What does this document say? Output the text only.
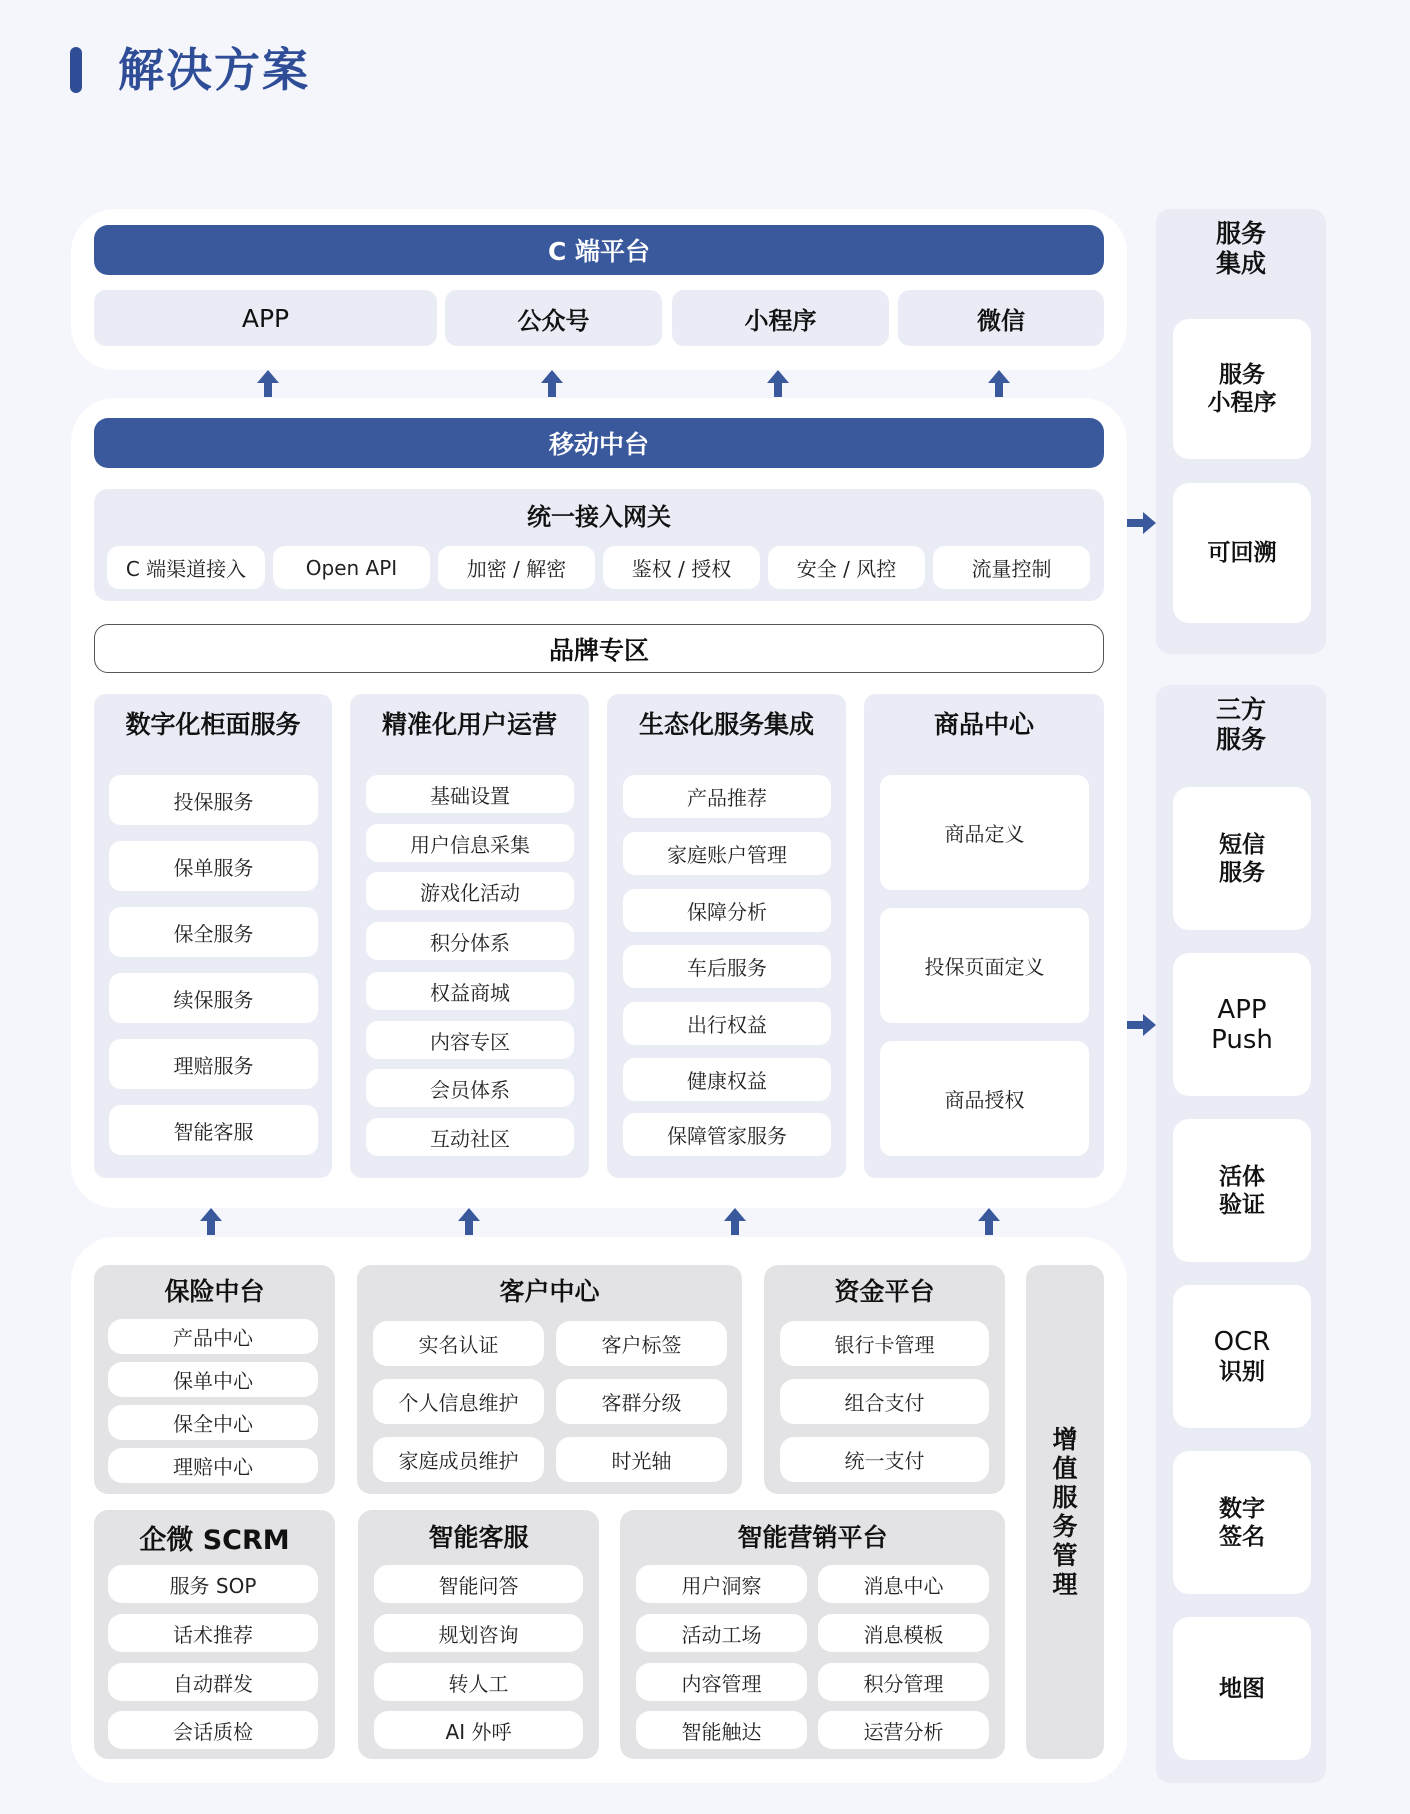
解决方案
C 端平台
APP	公众号	小程序	微信
移动中台
统一接入网关
C 端渠道接入	Open API	加密 / 解密	鉴权 / 授权	安全 / 风控	流量控制
品牌专区
数字化柜面服务
投保服务
保单服务
保全服务
续保服务
理赔服务
智能客服
精准化用户运营
基础设置
用户信息采集
游戏化活动
积分体系
权益商城
内容专区
会员体系
互动社区
生态化服务集成
产品推荐
家庭账户管理
保障分析
车后服务
出行权益
健康权益
保障管家服务
商品中心
商品定义
投保页面定义
商品授权
保险中台
产品中心
保单中心
保全中心
理赔中心
客户中心
实名认证	客户标签
个人信息维护	客群分级
家庭成员维护	时光轴
资金平台
银行卡管理
组合支付
统一支付
增
值
服
务
管
理
企微 SCRM
服务 SOP
话术推荐
自动群发
会话质检
智能客服
智能问答
规划咨询
转人工
AI 外呼
智能营销平台
用户洞察	消息中心
活动工场	消息模板
内容管理	积分管理
智能触达	运营分析
服务
集成
服务
小程序
可回溯
三方
服务
短信
服务
APP
Push
活体
验证
OCR
识别
数字
签名
地图
